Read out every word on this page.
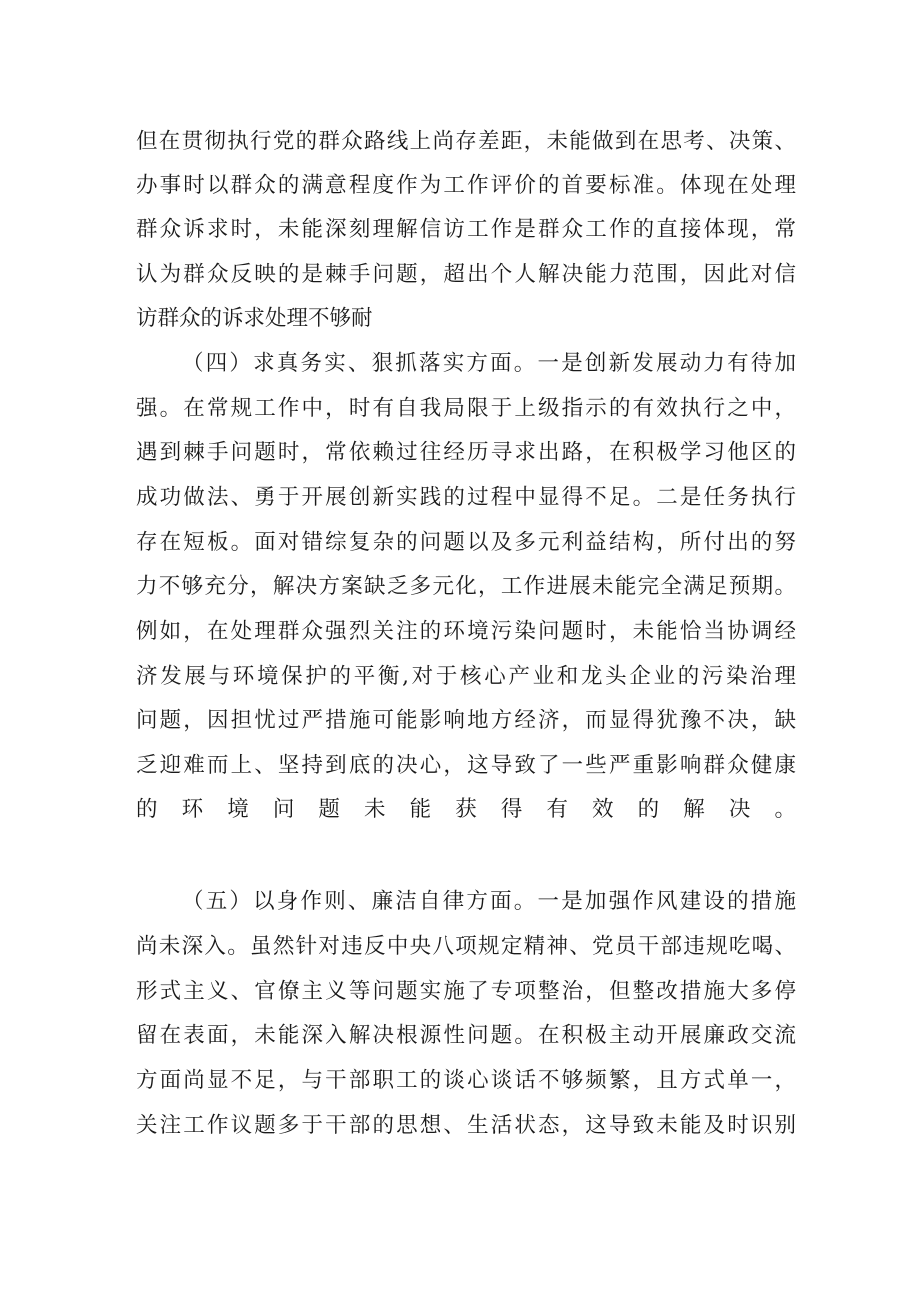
但在贯彻执行党的群众路线上尚存差距，未能做到在思考、决策、
办事时以群众的满意程度作为工作评价的首要标准。体现在处理
群众诉求时，未能深刻理解信访工作是群众工作的直接体现，常
认为群众反映的是棘手问题，超出个人解决能力范围，因此对信
访群众的诉求处理不够耐
（四）求真务实、狠抓落实方面。一是创新发展动力有待加
强。在常规工作中，时有自我局限于上级指示的有效执行之中，
遇到棘手问题时，常依赖过往经历寻求出路，在积极学习他区的
成功做法、勇于开展创新实践的过程中显得不足。二是任务执行
存在短板。面对错综复杂的问题以及多元利益结构，所付出的努
力不够充分，解决方案缺乏多元化，工作进展未能完全满足预期。
例如，在处理群众强烈关注的环境污染问题时，未能恰当协调经
济发展与环境保护的平衡,对于核心产业和龙头企业的污染治理
问题，因担忧过严措施可能影响地方经济，而显得犹豫不决，缺
乏迎难而上、坚持到底的决心，这导致了一些严重影响群众健康
的环境问题未能获得有效的解决。
（五）以身作则、廉洁自律方面。一是加强作风建设的措施
尚未深入。虽然针对违反中央八项规定精神、党员干部违规吃喝、
形式主义、官僚主义等问题实施了专项整治，但整改措施大多停
留在表面，未能深入解决根源性问题。在积极主动开展廉政交流
方面尚显不足，与干部职工的谈心谈话不够频繁，且方式单一，
关注工作议题多于干部的思想、生活状态，这导致未能及时识别
